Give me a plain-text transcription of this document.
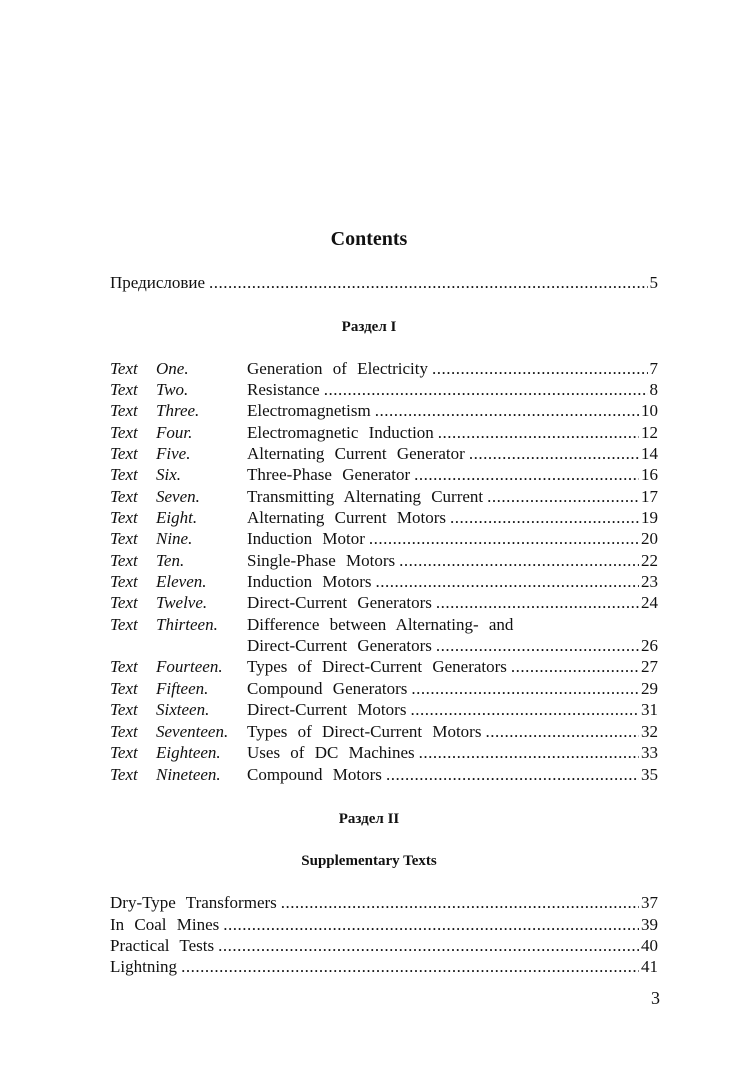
Contents
Предисловие .....	5
Раздел I
Text	One.	Generation of Electricity .....	7
Text	Two.	Resistance .....	8
Text	Three.	Electromagnetism .....	10
Text	Four.	Electromagnetic Induction .....	12
Text	Five.	Alternating Current Generator .....	14
Text	Six.	Three-Phase Generator .....	16
Text	Seven.	Transmitting Alternating Current .....	17
Text	Eight.	Alternating Current Motors .....	19
Text	Nine.	Induction Motor .....	20
Text	Ten.	Single-Phase Motors .....	22
Text	Eleven. Induction Motors .....	23
Text	Twelve. Direct-Current Generators .....	24
Text	Thirteen. Difference between Alternating- and
Direct-Current Generators .....	26
Text	Fourteen. Types of Direct-Current Generators .....	27
Text	Fifteen. Compound Generators .....	29
Text	Sixteen. Direct-Current Motors .....	31
Text	Seventeen. Types of Direct-Current Motors .....	32
Text	Eighteen. Uses of DC Machines .....	33
Text	Nineteen. Compound Motors .....	35
Раздел II
Supplementary Texts
Dry-Type Transformers .....	37
In Coal Mines .....	39
Practical Tests .....	40
Lightning .....	41
3
